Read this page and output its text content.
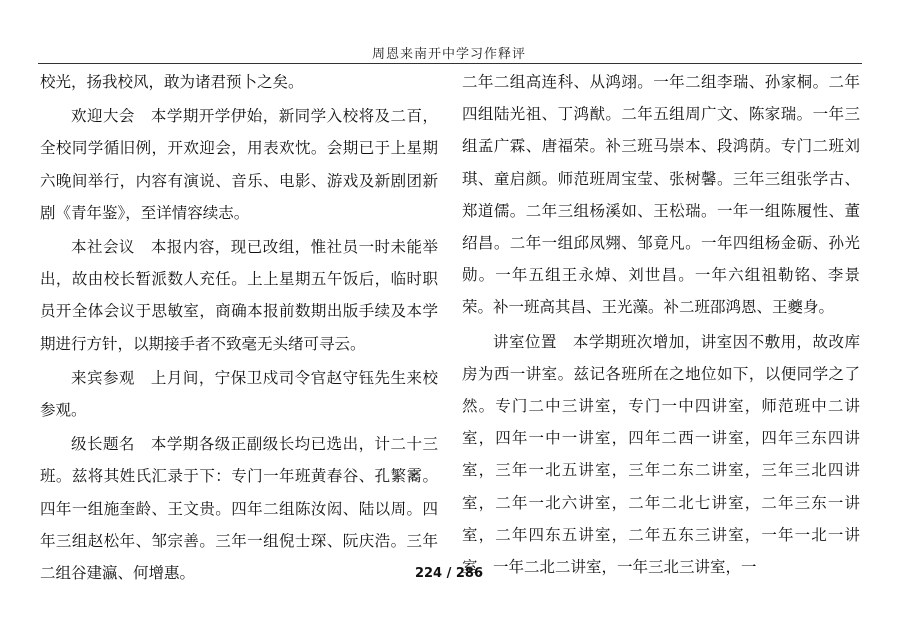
周恩来南开中学习作释评

校光，扬我校风，敢为诸君预卜之矣。

欢迎大会　本学期开学伊始，新同学入校将及二百，全校同学循旧例，开欢迎会，用表欢忱。会期已于上星期六晚间举行，内容有演说、音乐、电影、游戏及新剧团新剧《青年鉴》，至详情容续志。

本社会议　本报内容，现已改组，惟社员一时未能举出，故由校长暂派数人充任。上上星期五午饭后，临时职员开全体会议于思敏室，商确本报前数期出版手续及本学期进行方针，以期接手者不致毫无头绪可寻云。

来宾参观　上月间，宁保卫戍司令官赵守钰先生来校参观。

级长题名　本学期各级正副级长均已选出，计二十三班。兹将其姓氏汇录于下：专门一年班黄春谷、孔繁霱。四年一组施奎龄、王文贵。四年二组陈汝闳、陆以周。四年三组赵松年、邹宗善。三年一组倪士琛、阮庆浩。三年二组谷建瀛、何增惠。

二年二组高连科、从鸿翊。一年二组李瑞、孙家桐。二年四组陆光祖、丁鸿猷。二年五组周广文、陈家瑞。一年三组孟广霖、唐福荣。补三班马崇本、段鸿荫。专门二班刘琪、童启颜。师范班周宝莹、张树馨。三年三组张学古、郑道儒。二年三组杨溪如、王松瑞。一年一组陈履性、董绍昌。二年一组邱凤翙、邹竟凡。一年四组杨金砺、孙光勋。一年五组王永焯、刘世昌。一年六组祖勒铭、李景荣。补一班高其昌、王光藻。补二班邵鸿恩、王夔身。

讲室位置　本学期班次增加，讲室因不敷用，故改库房为西一讲室。兹记各班所在之地位如下，以便同学之了然。专门二中三讲室，专门一中四讲室，师范班中二讲室，四年一中一讲室，四年二西一讲室，四年三东四讲室，三年一北五讲室，三年二东二讲室，三年三北四讲室，二年一北六讲室，二年二北七讲室，二年三东一讲室，二年四东五讲室，二年五东三讲室，一年一北一讲室，一年二北二讲室，一年三北三讲室，一

224 / 286
